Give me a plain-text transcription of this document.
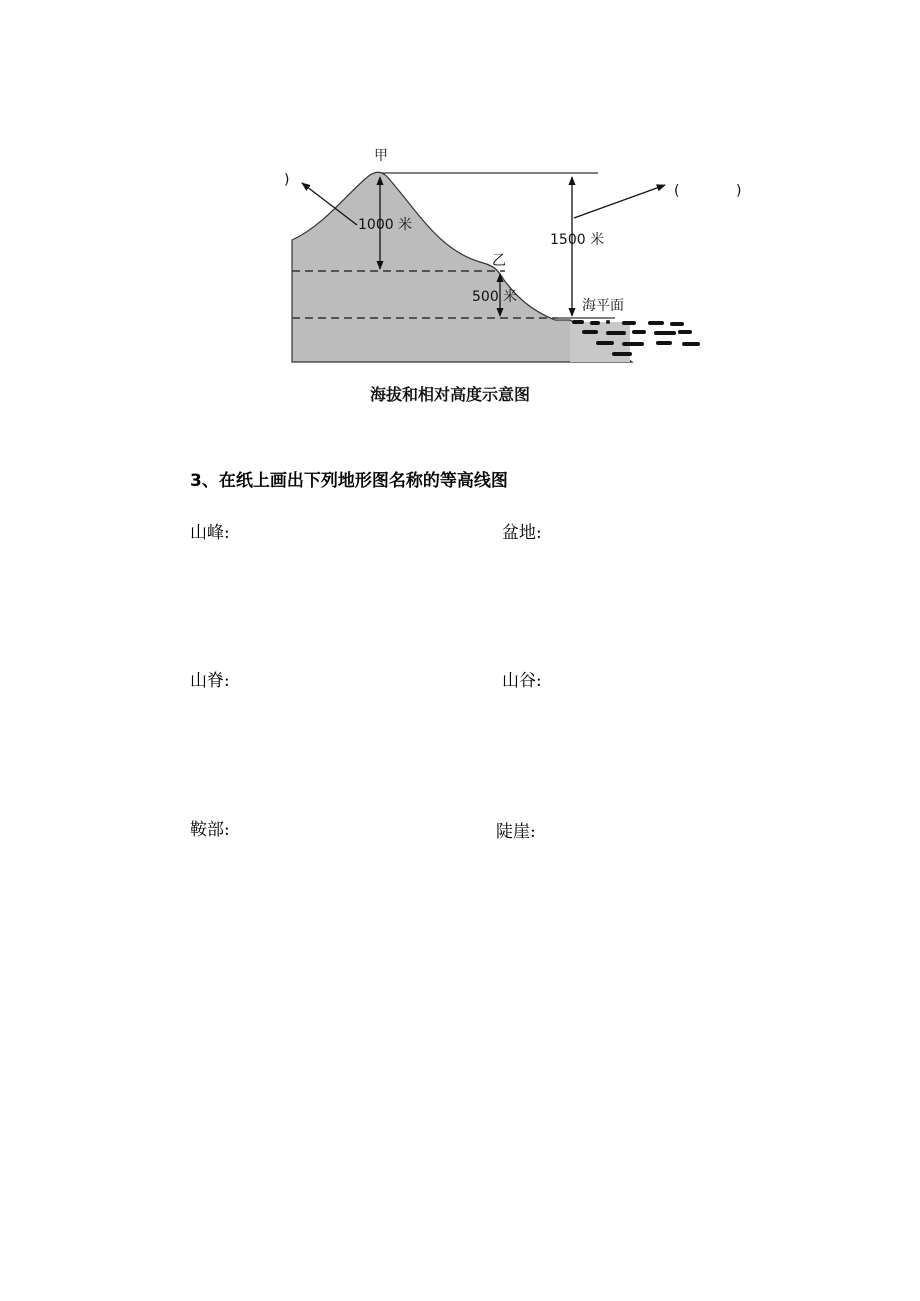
甲
乙
1000 米
500 米
1500 米
海平面
)
(	)
海拔和相对高度示意图
3、在纸上画出下列地形图名称的等高线图
山峰:	盆地:
山脊:	山谷:
鞍部:	陡崖:
